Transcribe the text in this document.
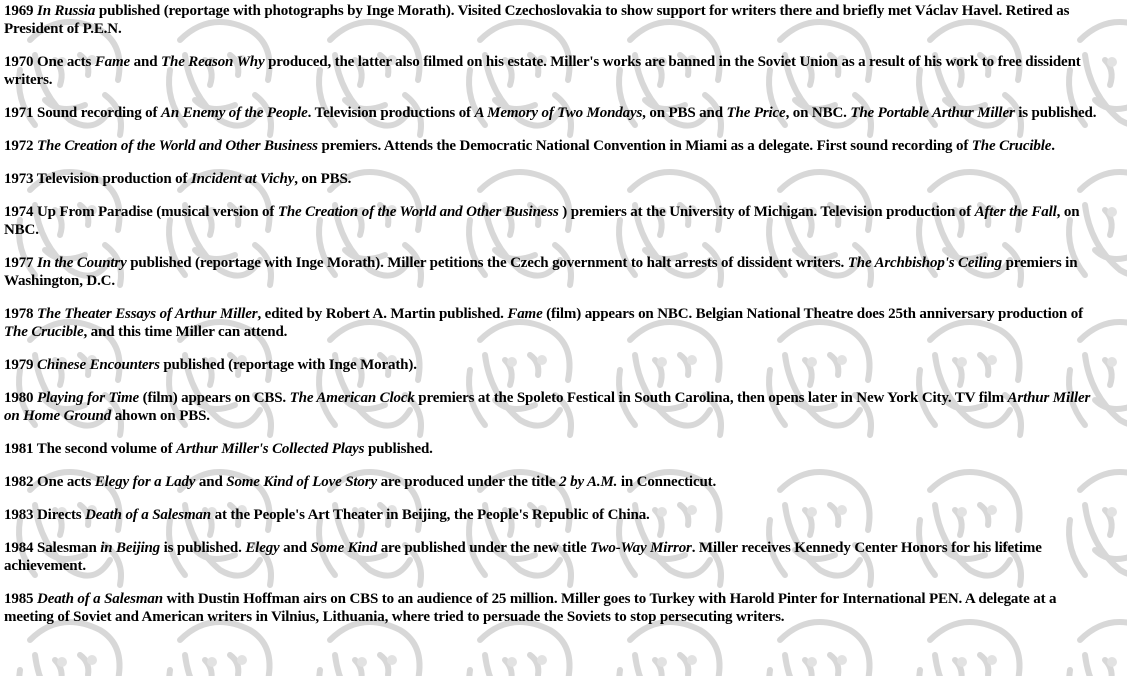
1969 In Russia published (reportage with photographs by Inge Morath). Visited Czechoslovakia to show support for writers there and briefly met Václav Havel. Retired as President of P.E.N.

1970 One acts Fame and The Reason Why produced, the latter also filmed on his estate. Miller's works are banned in the Soviet Union as a result of his work to free dissident writers.

1971 Sound recording of An Enemy of the People. Television productions of A Memory of Two Mondays, on PBS and The Price, on NBC. The Portable Arthur Miller is published.

1972 The Creation of the World and Other Business premiers. Attends the Democratic National Convention in Miami as a delegate. First sound recording of The Crucible.

1973 Television production of Incident at Vichy, on PBS.

1974 Up From Paradise (musical version of The Creation of the World and Other Business ) premiers at the University of Michigan. Television production of After the Fall, on NBC.

1977 In the Country published (reportage with Inge Morath). Miller petitions the Czech government to halt arrests of dissident writers. The Archbishop's Ceiling premiers in Washington, D.C.

1978 The Theater Essays of Arthur Miller, edited by Robert A. Martin published. Fame (film) appears on NBC. Belgian National Theatre does 25th anniversary production of The Crucible, and this time Miller can attend.

1979 Chinese Encounters published (reportage with Inge Morath).

1980 Playing for Time (film) appears on CBS. The American Clock premiers at the Spoleto Festical in South Carolina, then opens later in New York City. TV film Arthur Miller on Home Ground ahown on PBS.

1981 The second volume of Arthur Miller's Collected Plays published.

1982 One acts Elegy for a Lady and Some Kind of Love Story are produced under the title 2 by A.M. in Connecticut.

1983 Directs Death of a Salesman at the People's Art Theater in Beijing, the People's Republic of China.

1984 Salesman in Beijing is published. Elegy and Some Kind are published under the new title Two-Way Mirror. Miller receives Kennedy Center Honors for his lifetime achievement.

1985 Death of a Salesman with Dustin Hoffman airs on CBS to an audience of 25 million. Miller goes to Turkey with Harold Pinter for International PEN. A delegate at a meeting of Soviet and American writers in Vilnius, Lithuania, where tried to persuade the Soviets to stop persecuting writers.
